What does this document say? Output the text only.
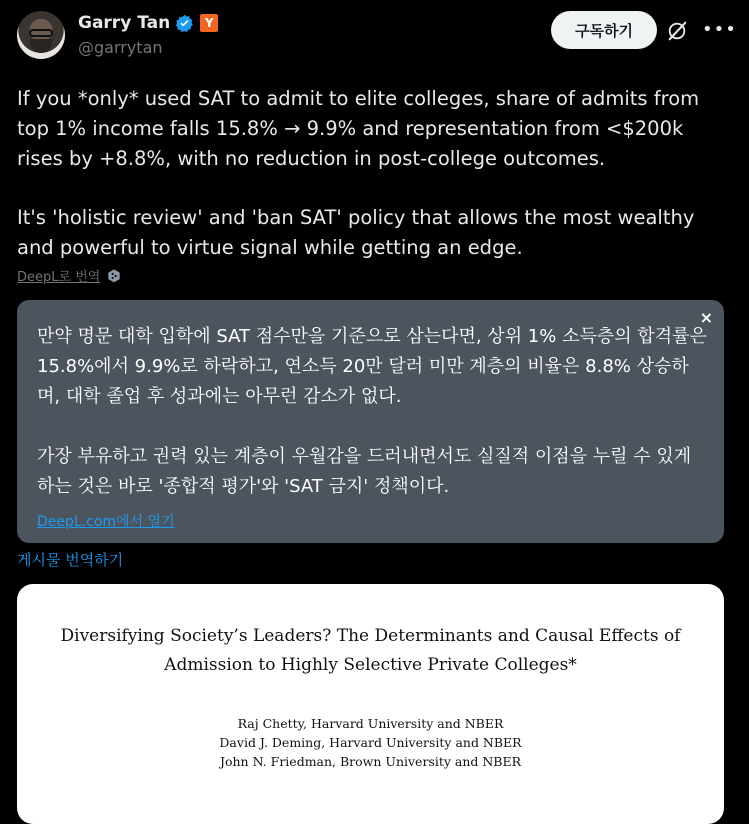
Garry Tan	Y
@garrytan
구독하기	•••

If you *only* used SAT to admit to elite colleges, share of admits from top 1% income falls 15.8% → 9.9% and representation from <$200k rises by +8.8%, with no reduction in post-college outcomes.

It's 'holistic review' and 'ban SAT' policy that allows the most wealthy and powerful to virtue signal while getting an edge.

DeepL로 번역
×

만약 명문 대학 입학에 SAT 점수만을 기준으로 삼는다면, 상위 1% 소득층의 합격률은 15.8%에서 9.9%로 하락하고, 연소득 20만 달러 미만 계층의 비율은 8.8% 상승하며, 대학 졸업 후 성과에는 아무런 감소가 없다.

가장 부유하고 권력 있는 계층이 우월감을 드러내면서도 실질적 이점을 누릴 수 있게 하는 것은 바로 '종합적 평가'와 'SAT 금지' 정책이다.

DeepL.com에서 열기
게시물 번역하기
Diversifying Society’s Leaders? The Determinants and Causal Effects of
Admission to Highly Selective Private Colleges*
Raj Chetty, Harvard University and NBER
David J. Deming, Harvard University and NBER
John N. Friedman, Brown University and NBER
